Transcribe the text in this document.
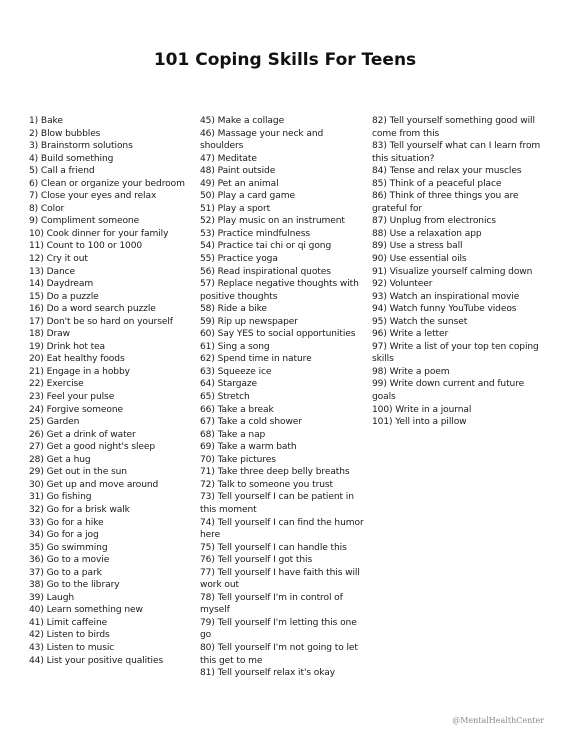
101 Coping Skills For Teens

1) Bake

2) Blow bubbles

3) Brainstorm solutions

4) Build something

5) Call a friend

6) Clean or organize your bedroom

7) Close your eyes and relax

8) Color

9) Compliment someone

10) Cook dinner for your family

11) Count to 100 or 1000

12) Cry it out

13) Dance

14) Daydream

15) Do a puzzle

16) Do a word search puzzle

17) Don't be so hard on yourself

18) Draw

19) Drink hot tea

20) Eat healthy foods

21) Engage in a hobby

22) Exercise

23) Feel your pulse

24) Forgive someone

25) Garden

26) Get a drink of water

27) Get a good night's sleep

28) Get a hug

29) Get out in the sun

30) Get up and move around

31) Go fishing

32) Go for a brisk walk

33) Go for a hike

34) Go for a jog

35) Go swimming

36) Go to a movie

37) Go to a park

38) Go to the library

39) Laugh

40) Learn something new

41) Limit caffeine

42) Listen to birds

43) Listen to music

44) List your positive qualities

45) Make a collage

46) Massage your neck and shoulders

47) Meditate

48) Paint outside

49) Pet an animal

50) Play a card game

51) Play a sport

52) Play music on an instrument

53) Practice mindfulness

54) Practice tai chi or qi gong

55) Practice yoga

56) Read inspirational quotes

57) Replace negative thoughts with positive thoughts

58) Ride a bike

59) Rip up newspaper

60) Say YES to social opportunities

61) Sing a song

62) Spend time in nature

63) Squeeze ice

64) Stargaze

65) Stretch

66) Take a break

67) Take a cold shower

68) Take a nap

69) Take a warm bath

70) Take pictures

71) Take three deep belly breaths

72) Talk to someone you trust

73) Tell yourself I can be patient in this moment

74) Tell yourself I can find the humor here

75) Tell yourself I can handle this

76) Tell yourself I got this

77) Tell yourself I have faith this will work out

78) Tell yourself I'm in control of myself

79) Tell yourself I'm letting this one go

80) Tell yourself I'm not going to let this get to me

81) Tell yourself relax it's okay

82) Tell yourself something good will come from this

83) Tell yourself what can I learn from this situation?

84) Tense and relax your muscles

85) Think of a peaceful place

86) Think of three things you are grateful for

87) Unplug from electronics

88) Use a relaxation app

89) Use a stress ball

90) Use essential oils

91) Visualize yourself calming down

92) Volunteer

93) Watch an inspirational movie

94) Watch funny YouTube videos

95) Watch the sunset

96) Write a letter

97) Write a list of your top ten coping skills

98) Write a poem

99) Write down current and future goals

100) Write in a journal

101) Yell into a pillow

@MentalHealthCenter
